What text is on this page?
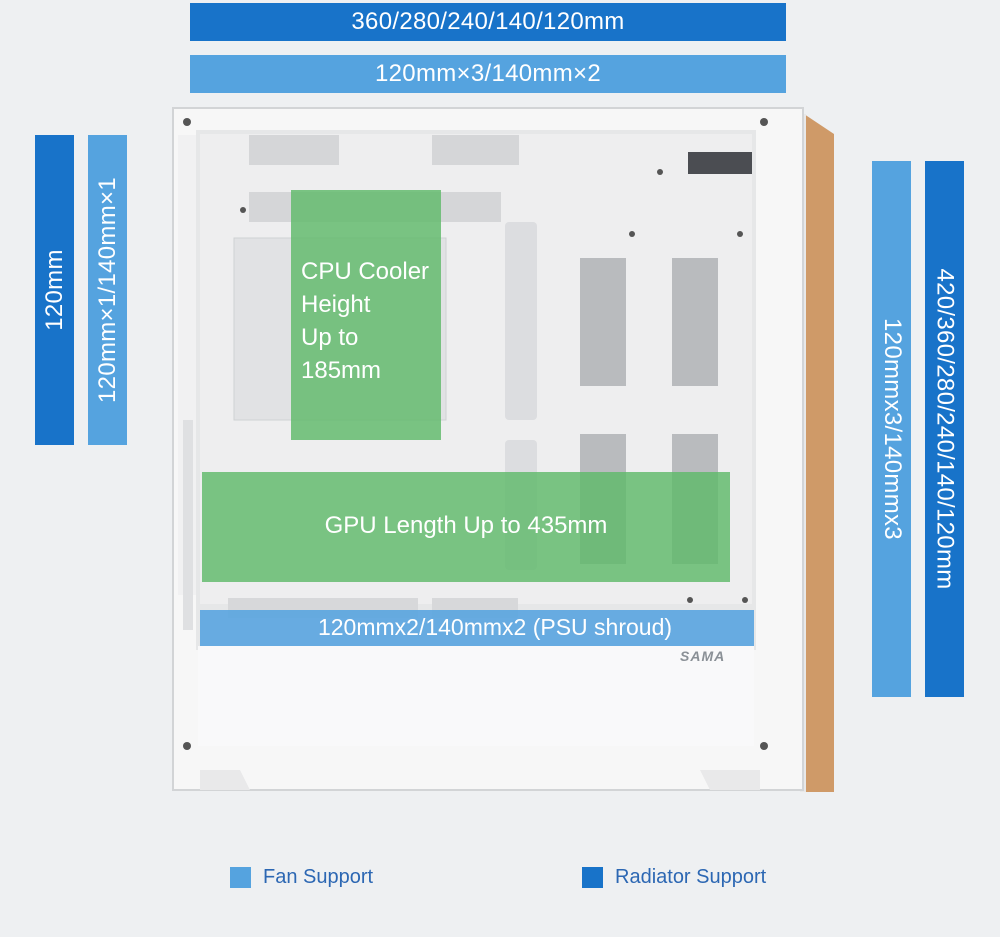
360/280/240/140/120mm
120mm×3/140mm×2
120mm 120mm×1/140mm×1
120mmx3/140mmx3 420/360/280/240/140/120mm
CPU Cooler
Height
Up to
185mm
GPU Length Up to 435mm
120mmx2/140mmx2 (PSU shroud)
SAMA
Fan Support	Radiator Support
